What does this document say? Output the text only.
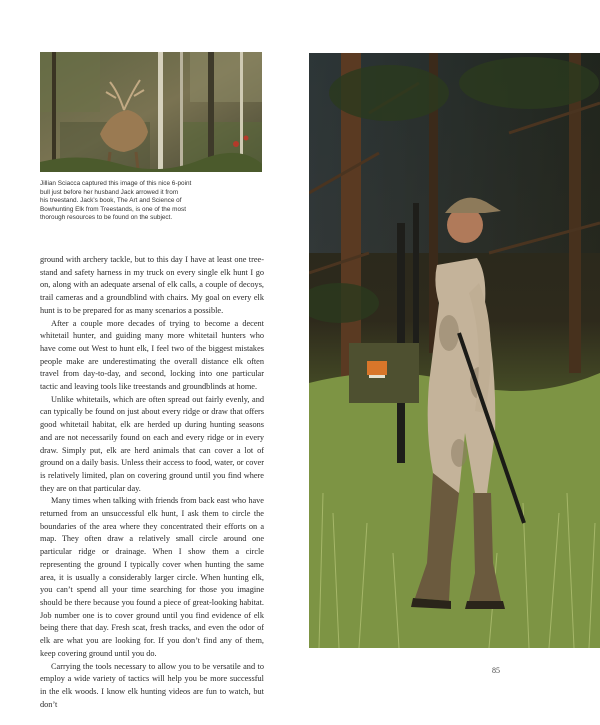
Jillian Sciacca captured this image of this nice 6-point

bull just before her husband Jack arrowed it from

his treestand. Jack’s book, The Art and Science of

Bowhunting Elk from Treestands, is one of the most

thorough resources to be found on the subject.

ground with archery tackle, but to this day I have at least one tree-stand and safety harness in my truck on every single elk hunt I go on, along with an adequate arsenal of elk calls, a couple of decoys, trail cameras and a groundblind with chairs. My goal on every elk hunt is to be prepared for as many scenarios a possible.

After a couple more decades of trying to become a decent whitetail hunter, and guiding many more whitetail hunters who have come out West to hunt elk, I feel two of the biggest mistakes people make are underestimating the overall distance elk often travel from day-to-day, and second, locking into one particular tactic and leaving tools like treestands and groundblinds at home.

Unlike whitetails, which are often spread out fairly evenly, and can typically be found on just about every ridge or draw that offers good whitetail habitat, elk are herded up during hunting seasons and are not necessarily found on each and every ridge or in every draw. Simply put, elk are herd animals that can cover a lot of ground on a daily basis. Unless their access to food, water, or cover is relatively limited, plan on covering ground until you find where they are on that particular day.

Many times when talking with friends from back east who have returned from an unsuccessful elk hunt, I ask them to circle the boundaries of the area where they concentrated their efforts on a map. They often draw a relatively small circle around one particular ridge or drainage. When I show them a circle representing the ground I typically cover when hunting the same area, it is usually a considerably larger circle. When hunting elk, you can’t spend all your time searching for those you imagine should be there because you found a piece of great-looking habitat. Job number one is to cover ground until you find evidence of elk being there that day. Fresh scat, fresh tracks, and even the odor of elk are what you are looking for. If you don’t find any of them, keep covering ground until you do.

Carrying the tools necessary to allow you to be versatile and to employ a wide variety of tactics will help you be more successful in the elk woods. I know elk hunting videos are fun to watch, but don’t

85
